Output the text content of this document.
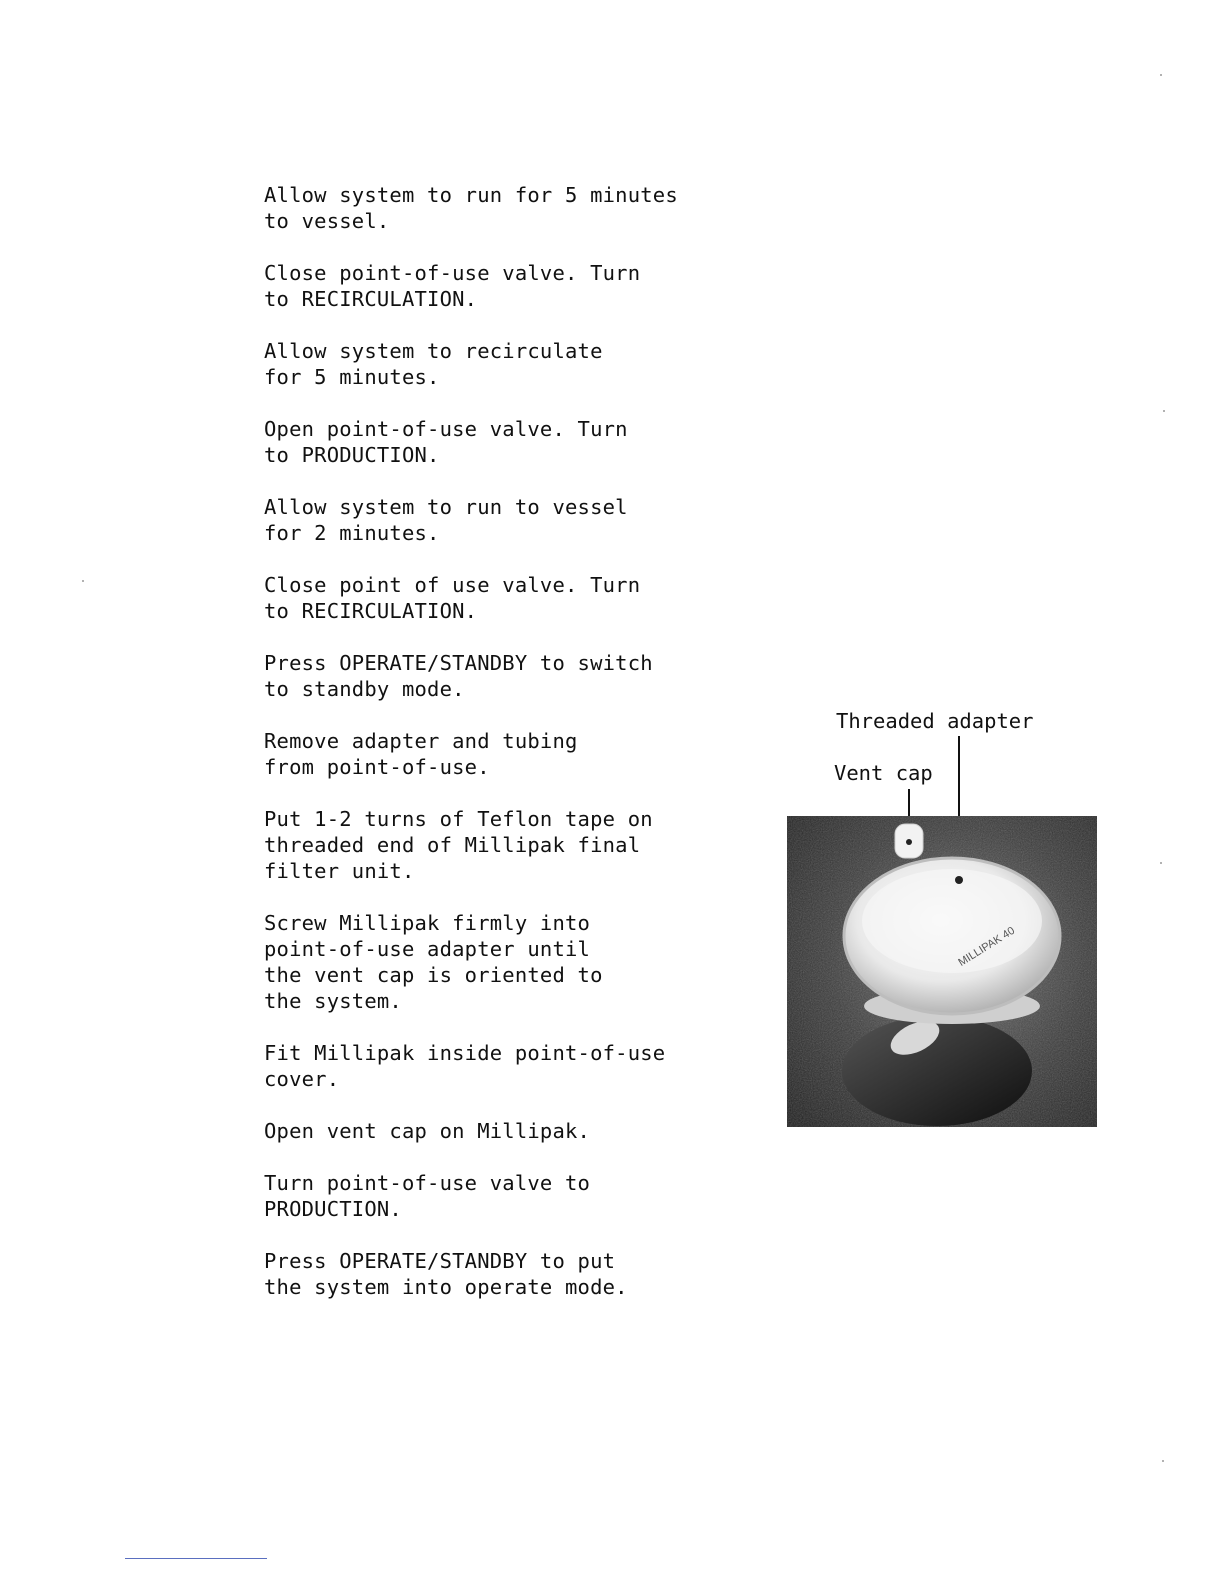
Allow system to run for 5 minutes
to vessel.
Close point-of-use valve. Turn
to RECIRCULATION.
Allow system to recirculate
for 5 minutes.
Open point-of-use valve. Turn
to PRODUCTION.
Allow system to run to vessel
for 2 minutes.
Close point of use valve. Turn
to RECIRCULATION.
Press OPERATE/STANDBY to switch
to standby mode.
Remove adapter and tubing
from point-of-use.
Put 1-2 turns of Teflon tape on
threaded end of Millipak final
filter unit.
Screw Millipak firmly into
point-of-use adapter until
the vent cap is oriented to
the system.
Fit Millipak inside point-of-use
cover.
Open vent cap on Millipak.
Turn point-of-use valve to
PRODUCTION.
Press OPERATE/STANDBY to put
the system into operate mode.
Threaded adapter
Vent cap
MILLIPAK 40
